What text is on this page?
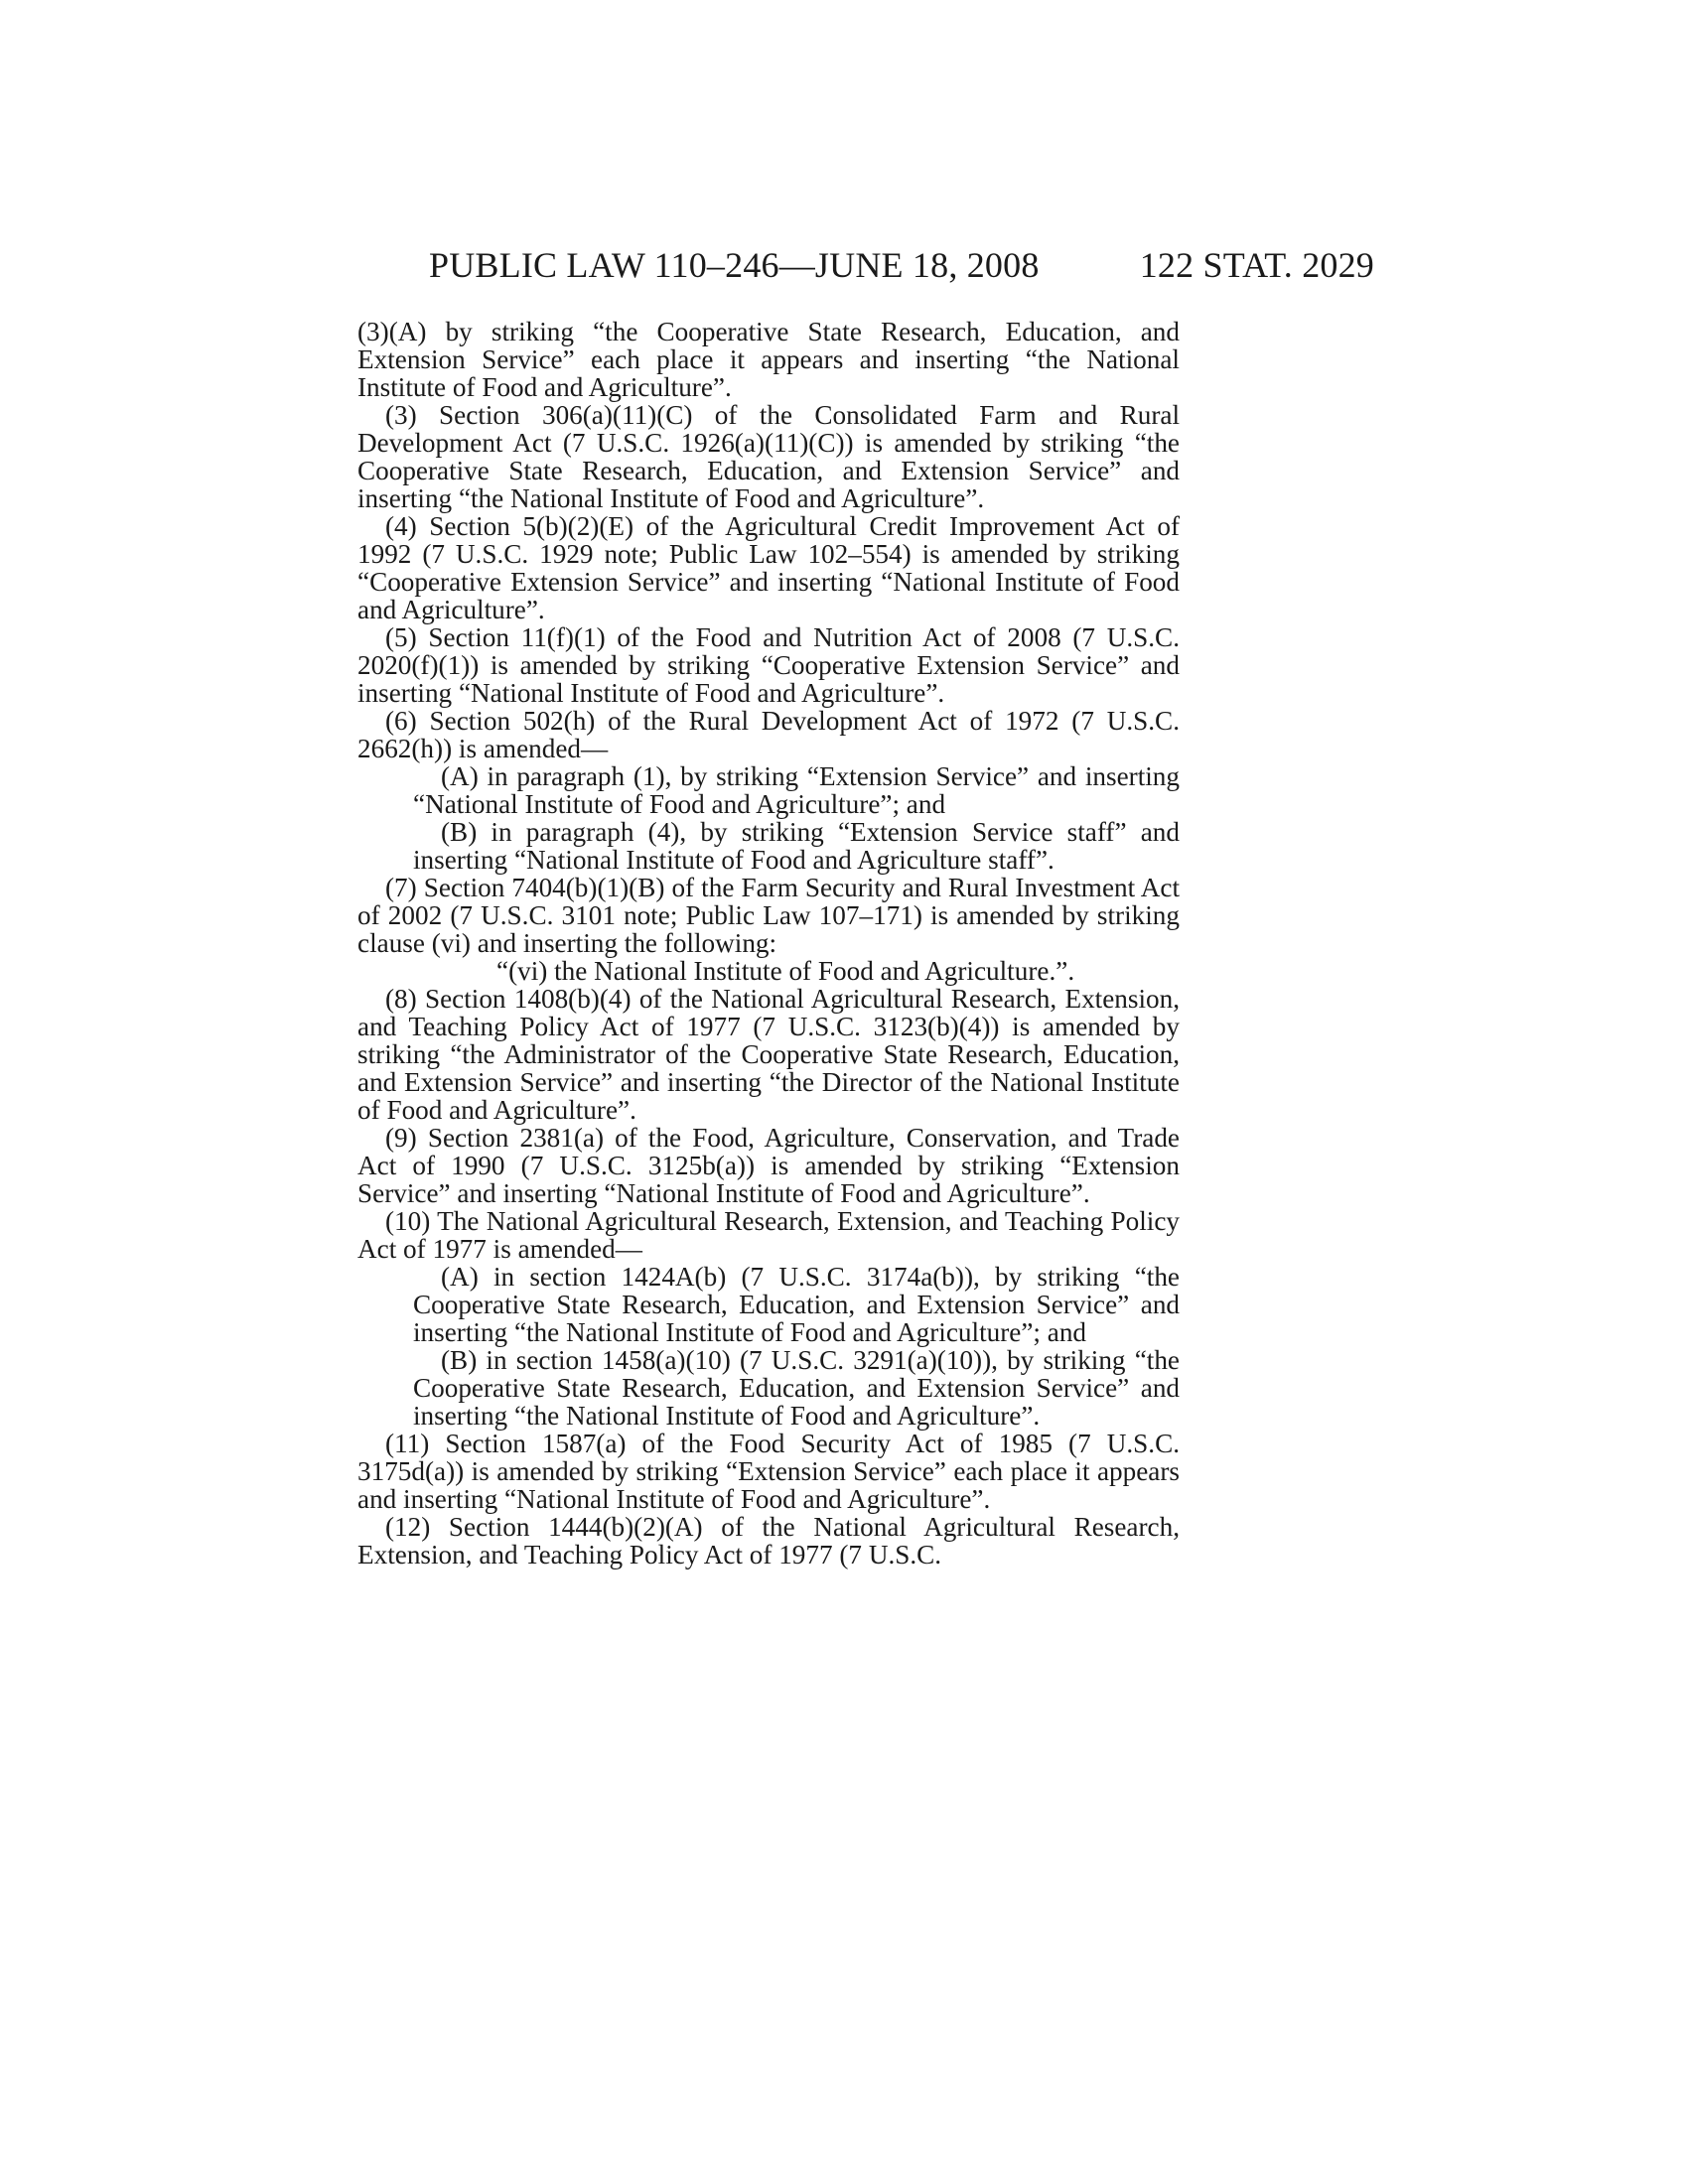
PUBLIC LAW 110–246—JUNE 18, 2008	122 STAT. 2029

(3)(A) by striking “the Cooperative State Research, Education, and Extension Service” each place it appears and inserting “the National Institute of Food and Agriculture”.

(3) Section 306(a)(11)(C) of the Consolidated Farm and Rural Development Act (7 U.S.C. 1926(a)(11)(C)) is amended by striking “the Cooperative State Research, Education, and Extension Service” and inserting “the National Institute of Food and Agriculture”.

(4) Section 5(b)(2)(E) of the Agricultural Credit Improvement Act of 1992 (7 U.S.C. 1929 note; Public Law 102–554) is amended by striking “Cooperative Extension Service” and inserting “National Institute of Food and Agriculture”.

(5) Section 11(f)(1) of the Food and Nutrition Act of 2008 (7 U.S.C. 2020(f)(1)) is amended by striking “Cooperative Extension Service” and inserting “National Institute of Food and Agriculture”.

(6) Section 502(h) of the Rural Development Act of 1972 (7 U.S.C. 2662(h)) is amended—

(A) in paragraph (1), by striking “Extension Service” and inserting “National Institute of Food and Agriculture”; and

(B) in paragraph (4), by striking “Extension Service staff” and inserting “National Institute of Food and Agriculture staff”.

(7) Section 7404(b)(1)(B) of the Farm Security and Rural Investment Act of 2002 (7 U.S.C. 3101 note; Public Law 107–171) is amended by striking clause (vi) and inserting the following:

“(vi) the National Institute of Food and Agriculture.”.

(8) Section 1408(b)(4) of the National Agricultural Research, Extension, and Teaching Policy Act of 1977 (7 U.S.C. 3123(b)(4)) is amended by striking “the Administrator of the Cooperative State Research, Education, and Extension Service” and inserting “the Director of the National Institute of Food and Agriculture”.

(9) Section 2381(a) of the Food, Agriculture, Conservation, and Trade Act of 1990 (7 U.S.C. 3125b(a)) is amended by striking “Extension Service” and inserting “National Institute of Food and Agriculture”.

(10) The National Agricultural Research, Extension, and Teaching Policy Act of 1977 is amended—

(A) in section 1424A(b) (7 U.S.C. 3174a(b)), by striking “the Cooperative State Research, Education, and Extension Service” and inserting “the National Institute of Food and Agriculture”; and

(B) in section 1458(a)(10) (7 U.S.C. 3291(a)(10)), by striking “the Cooperative State Research, Education, and Extension Service” and inserting “the National Institute of Food and Agriculture”.

(11) Section 1587(a) of the Food Security Act of 1985 (7 U.S.C. 3175d(a)) is amended by striking “Extension Service” each place it appears and inserting “National Institute of Food and Agriculture”.

(12) Section 1444(b)(2)(A) of the National Agricultural Research, Extension, and Teaching Policy Act of 1977 (7 U.S.C.
